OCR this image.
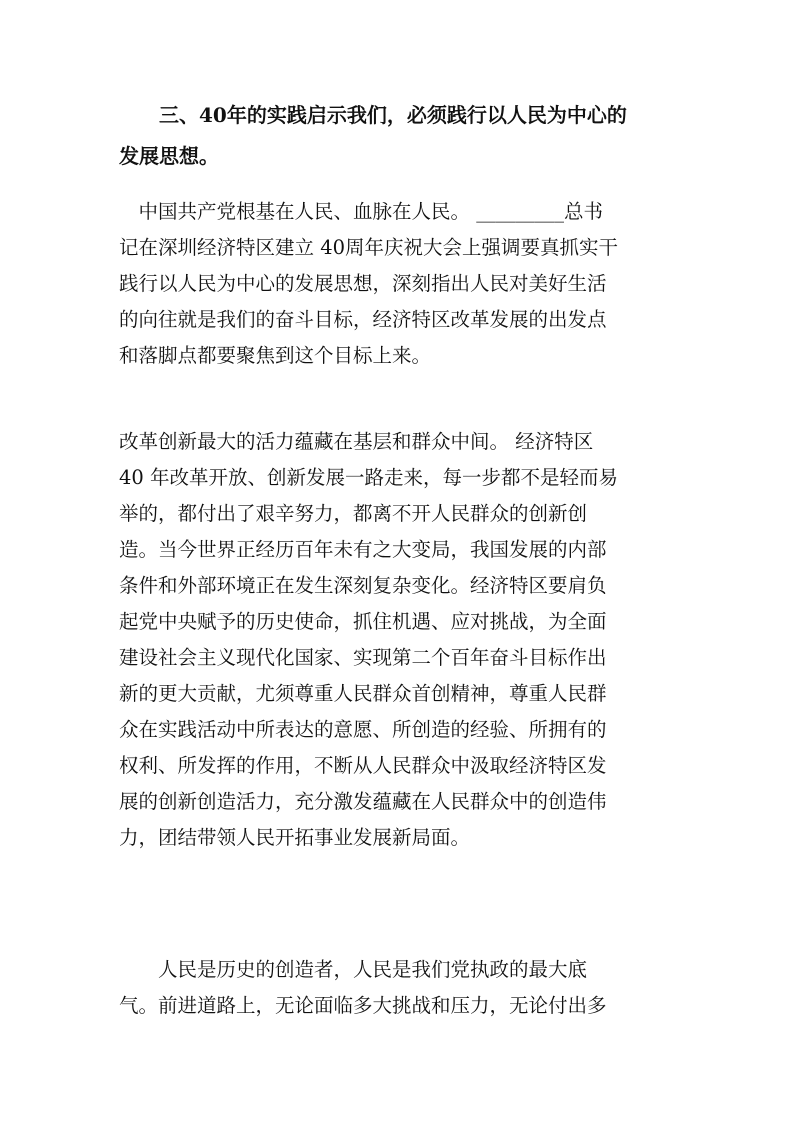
　　三、40年的实践启示我们，必须践行以人民为中心的
发展思想。
　中国共产党根基在人民、血脉在人民。 _________总书
记在深圳经济特区建立 40周年庆祝大会上强调要真抓实干
践行以人民为中心的发展思想，深刻指出人民对美好生活
的向往就是我们的奋斗目标，经济特区改革发展的出发点
和落脚点都要聚焦到这个目标上来。
改革创新最大的活力蕴藏在基层和群众中间。 经济特区
40 年改革开放、创新发展一路走来，每一步都不是轻而易
举的，都付出了艰辛努力，都离不开人民群众的创新创
造。当今世界正经历百年未有之大变局，我国发展的内部
条件和外部环境正在发生深刻复杂变化。经济特区要肩负
起党中央赋予的历史使命，抓住机遇、应对挑战，为全面
建设社会主义现代化国家、实现第二个百年奋斗目标作出
新的更大贡献，尤须尊重人民群众首创精神，尊重人民群
众在实践活动中所表达的意愿、所创造的经验、所拥有的
权利、所发挥的作用，不断从人民群众中汲取经济特区发
展的创新创造活力，充分激发蕴藏在人民群众中的创造伟
力，团结带领人民开拓事业发展新局面。
　　人民是历史的创造者，人民是我们党执政的最大底
气。前进道路上，无论面临多大挑战和压力，无论付出多
